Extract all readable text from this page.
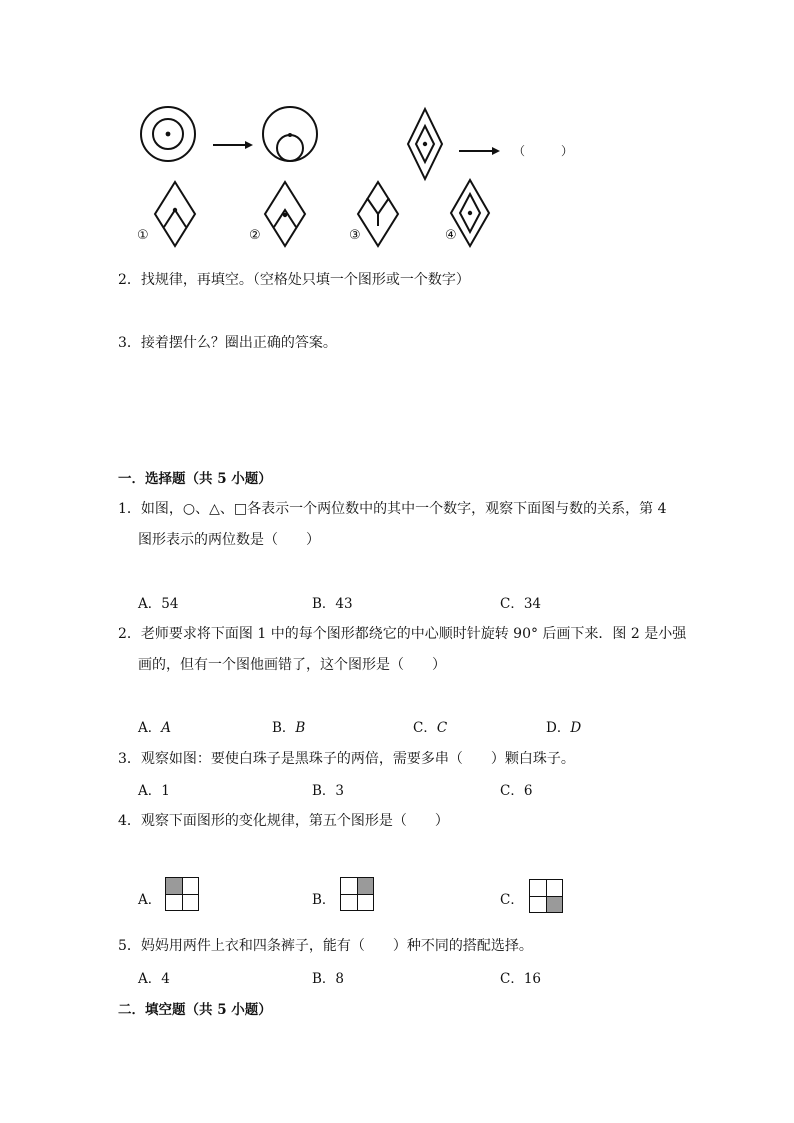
（　　　）
①	②	③	④
2．找规律，再填空。（空格处只填一个图形或一个数字）
3．接着摆什么？圈出正确的答案。
一．选择题（共 5 小题）
1．如图，○、△、□各表示一个两位数中的其中一个数字，观察下面图与数的关系，第 4
图形表示的两位数是（　　）
A．54	B．43	C．34
2．老师要求将下面图 1 中的每个图形都绕它的中心顺时针旋转 90° 后画下来．图 2 是小强
画的，但有一个图他画错了，这个图形是（　　）
A．A	B．B	C．C	D．D
3．观察如图：要使白珠子是黑珠子的两倍，需要多串（　　）颗白珠子。
A．1	B．3	C．6
4．观察下面图形的变化规律，第五个图形是（　　）
A．	B．	C．
5．妈妈用两件上衣和四条裤子，能有（　　）种不同的搭配选择。
A．4	B．8	C．16
二．填空题（共 5 小题）
